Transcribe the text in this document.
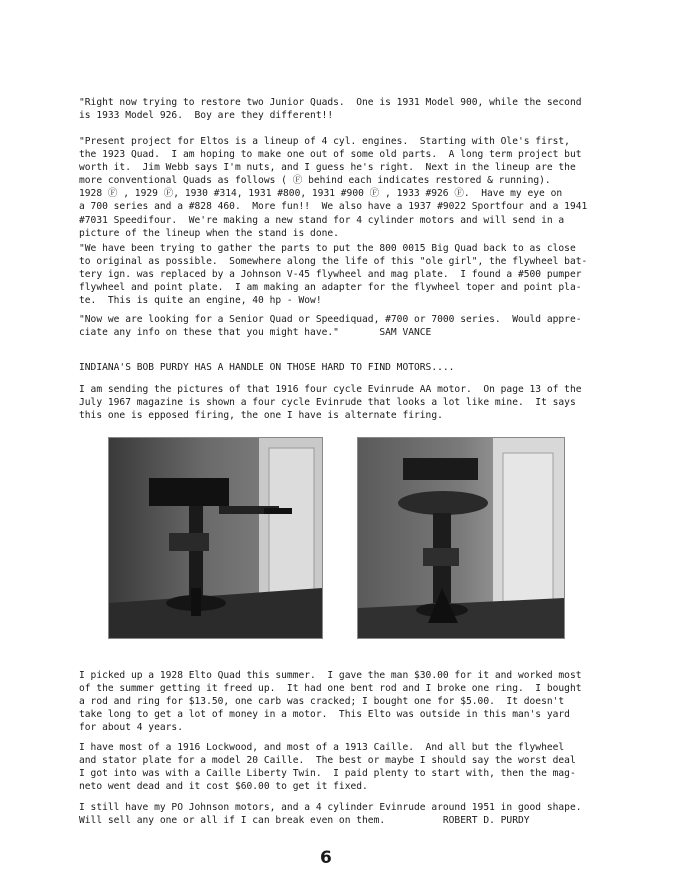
"Right now trying to restore two Junior Quads.  One is 1931 Model 900, while the second
is 1933 Model 926.  Boy are they different!!

"Present project for Eltos is a lineup of 4 cyl. engines.  Starting with Ole's first,
the 1923 Quad.  I am hoping to make one out of some old parts.  A long term project but
worth it.  Jim Webb says I'm nuts, and I guess he's right.  Next in the lineup are the
more conventional Quads as follows ( Ⓕ behind each indicates restored & running).
1928 Ⓕ , 1929 Ⓕ, 1930 #314, 1931 #800, 1931 #900 Ⓕ , 1933 #926 Ⓕ.  Have my eye on
a 700 series and a #828 460.  More fun!!  We also have a 1937 #9022 Sportfour and a 1941
#7031 Speedifour.  We're making a new stand for 4 cylinder motors and will send in a
picture of the lineup when the stand is done.

"We have been trying to gather the parts to put the 800 0015 Big Quad back to as close
to original as possible.  Somewhere along the life of this "ole girl", the flywheel bat-
tery ign. was replaced by a Johnson V-45 flywheel and mag plate.  I found a #500 pumper
flywheel and point plate.  I am making an adapter for the flywheel toper and point pla-
te.  This is quite an engine, 40 hp - Wow!

"Now we are looking for a Senior Quad or Speediquad, #700 or 7000 series.  Would appre-
ciate any info on these that you might have."       SAM VANCE

INDIANA'S BOB PURDY HAS A HANDLE ON THOSE HARD TO FIND MOTORS....

I am sending the pictures of that 1916 four cycle Evinrude AA motor.  On page 13 of the
July 1967 magazine is shown a four cycle Evinrude that looks a lot like mine.  It says
this one is epposed firing, the one I have is alternate firing.

I picked up a 1928 Elto Quad this summer.  I gave the man $30.00 for it and worked most
of the summer getting it freed up.  It had one bent rod and I broke one ring.  I bought
a rod and ring for $13.50, one carb was cracked; I bought one for $5.00.  It doesn't
take long to get a lot of money in a motor.  This Elto was outside in this man's yard
for about 4 years.

I have most of a 1916 Lockwood, and most of a 1913 Caille.  And all but the flywheel
and stator plate for a model 20 Caille.  The best or maybe I should say the worst deal
I got into was with a Caille Liberty Twin.  I paid plenty to start with, then the mag-
neto went dead and it cost $60.00 to get it fixed.

I still have my PO Johnson motors, and a 4 cylinder Evinrude around 1951 in good shape.
Will sell any one or all if I can break even on them.          ROBERT D. PURDY

6
